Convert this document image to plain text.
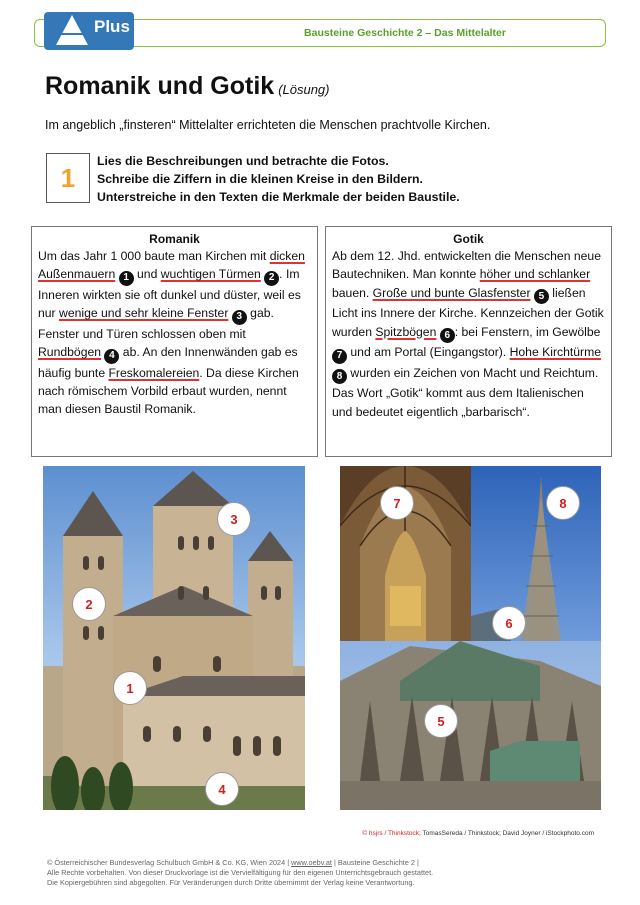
Bausteine Geschichte 2 – Das Mittelalter
Plus
Romanik und Gotik (Lösung)
Im angeblich „finsteren“ Mittelalter errichteten die Menschen prachtvolle Kirchen.
1
Lies die Beschreibungen und betrachte die Fotos.
Schreibe die Ziffern in die kleinen Kreise in den Bildern.
Unterstreiche in den Texten die Merkmale der beiden Baustile.
Romanik
Um das Jahr 1 000 baute man Kirchen mit dicken Außenmauern 1 und wuchtigen Türmen 2 . Im Inneren wirkten sie oft dunkel und düster, weil es nur wenige und sehr kleine Fenster 3 gab. Fenster und Türen schlossen oben mit Rundbögen 4 ab. An den Innenwänden gab es häufig bunte Freskomalereien. Da diese Kirchen nach römischem Vorbild erbaut wurden, nennt man diesen Baustil Romanik.
Gotik
Ab dem 12. Jhd. entwickelten die Menschen neue Bautechniken. Man konnte höher und schlanker bauen. Große und bunte Glasfenster 5 ließen Licht ins Innere der Kirche. Kennzeichen der Gotik wurden Spitzbögen 6 : bei Fenstern, im Gewölbe 7 und am Portal (Eingangstor). Hohe Kirchtürme 8 wurden ein Zeichen von Macht und Reichtum. Das Wort „Gotik“ kommt aus dem Italienischen und bedeutet eigentlich „barbarisch“.
1
2
3
4
5
6
7	8
© hsjrs / Thinkstock; TomasSereda / Thinkstock; David Joyner / iStockphoto.com
© Österreichischer Bundesverlag Schulbuch GmbH & Co. KG, Wien 2024 | www.oebv.at | Bausteine Geschichte 2 |
Alle Rechte vorbehalten. Von dieser Druckvorlage ist die Vervielfältigung für den eigenen Unterrichtsgebrauch gestattet.
Die Kopiergebühren sind abgegolten. Für Veränderungen durch Dritte übernimmt der Verlag keine Verantwortung.
